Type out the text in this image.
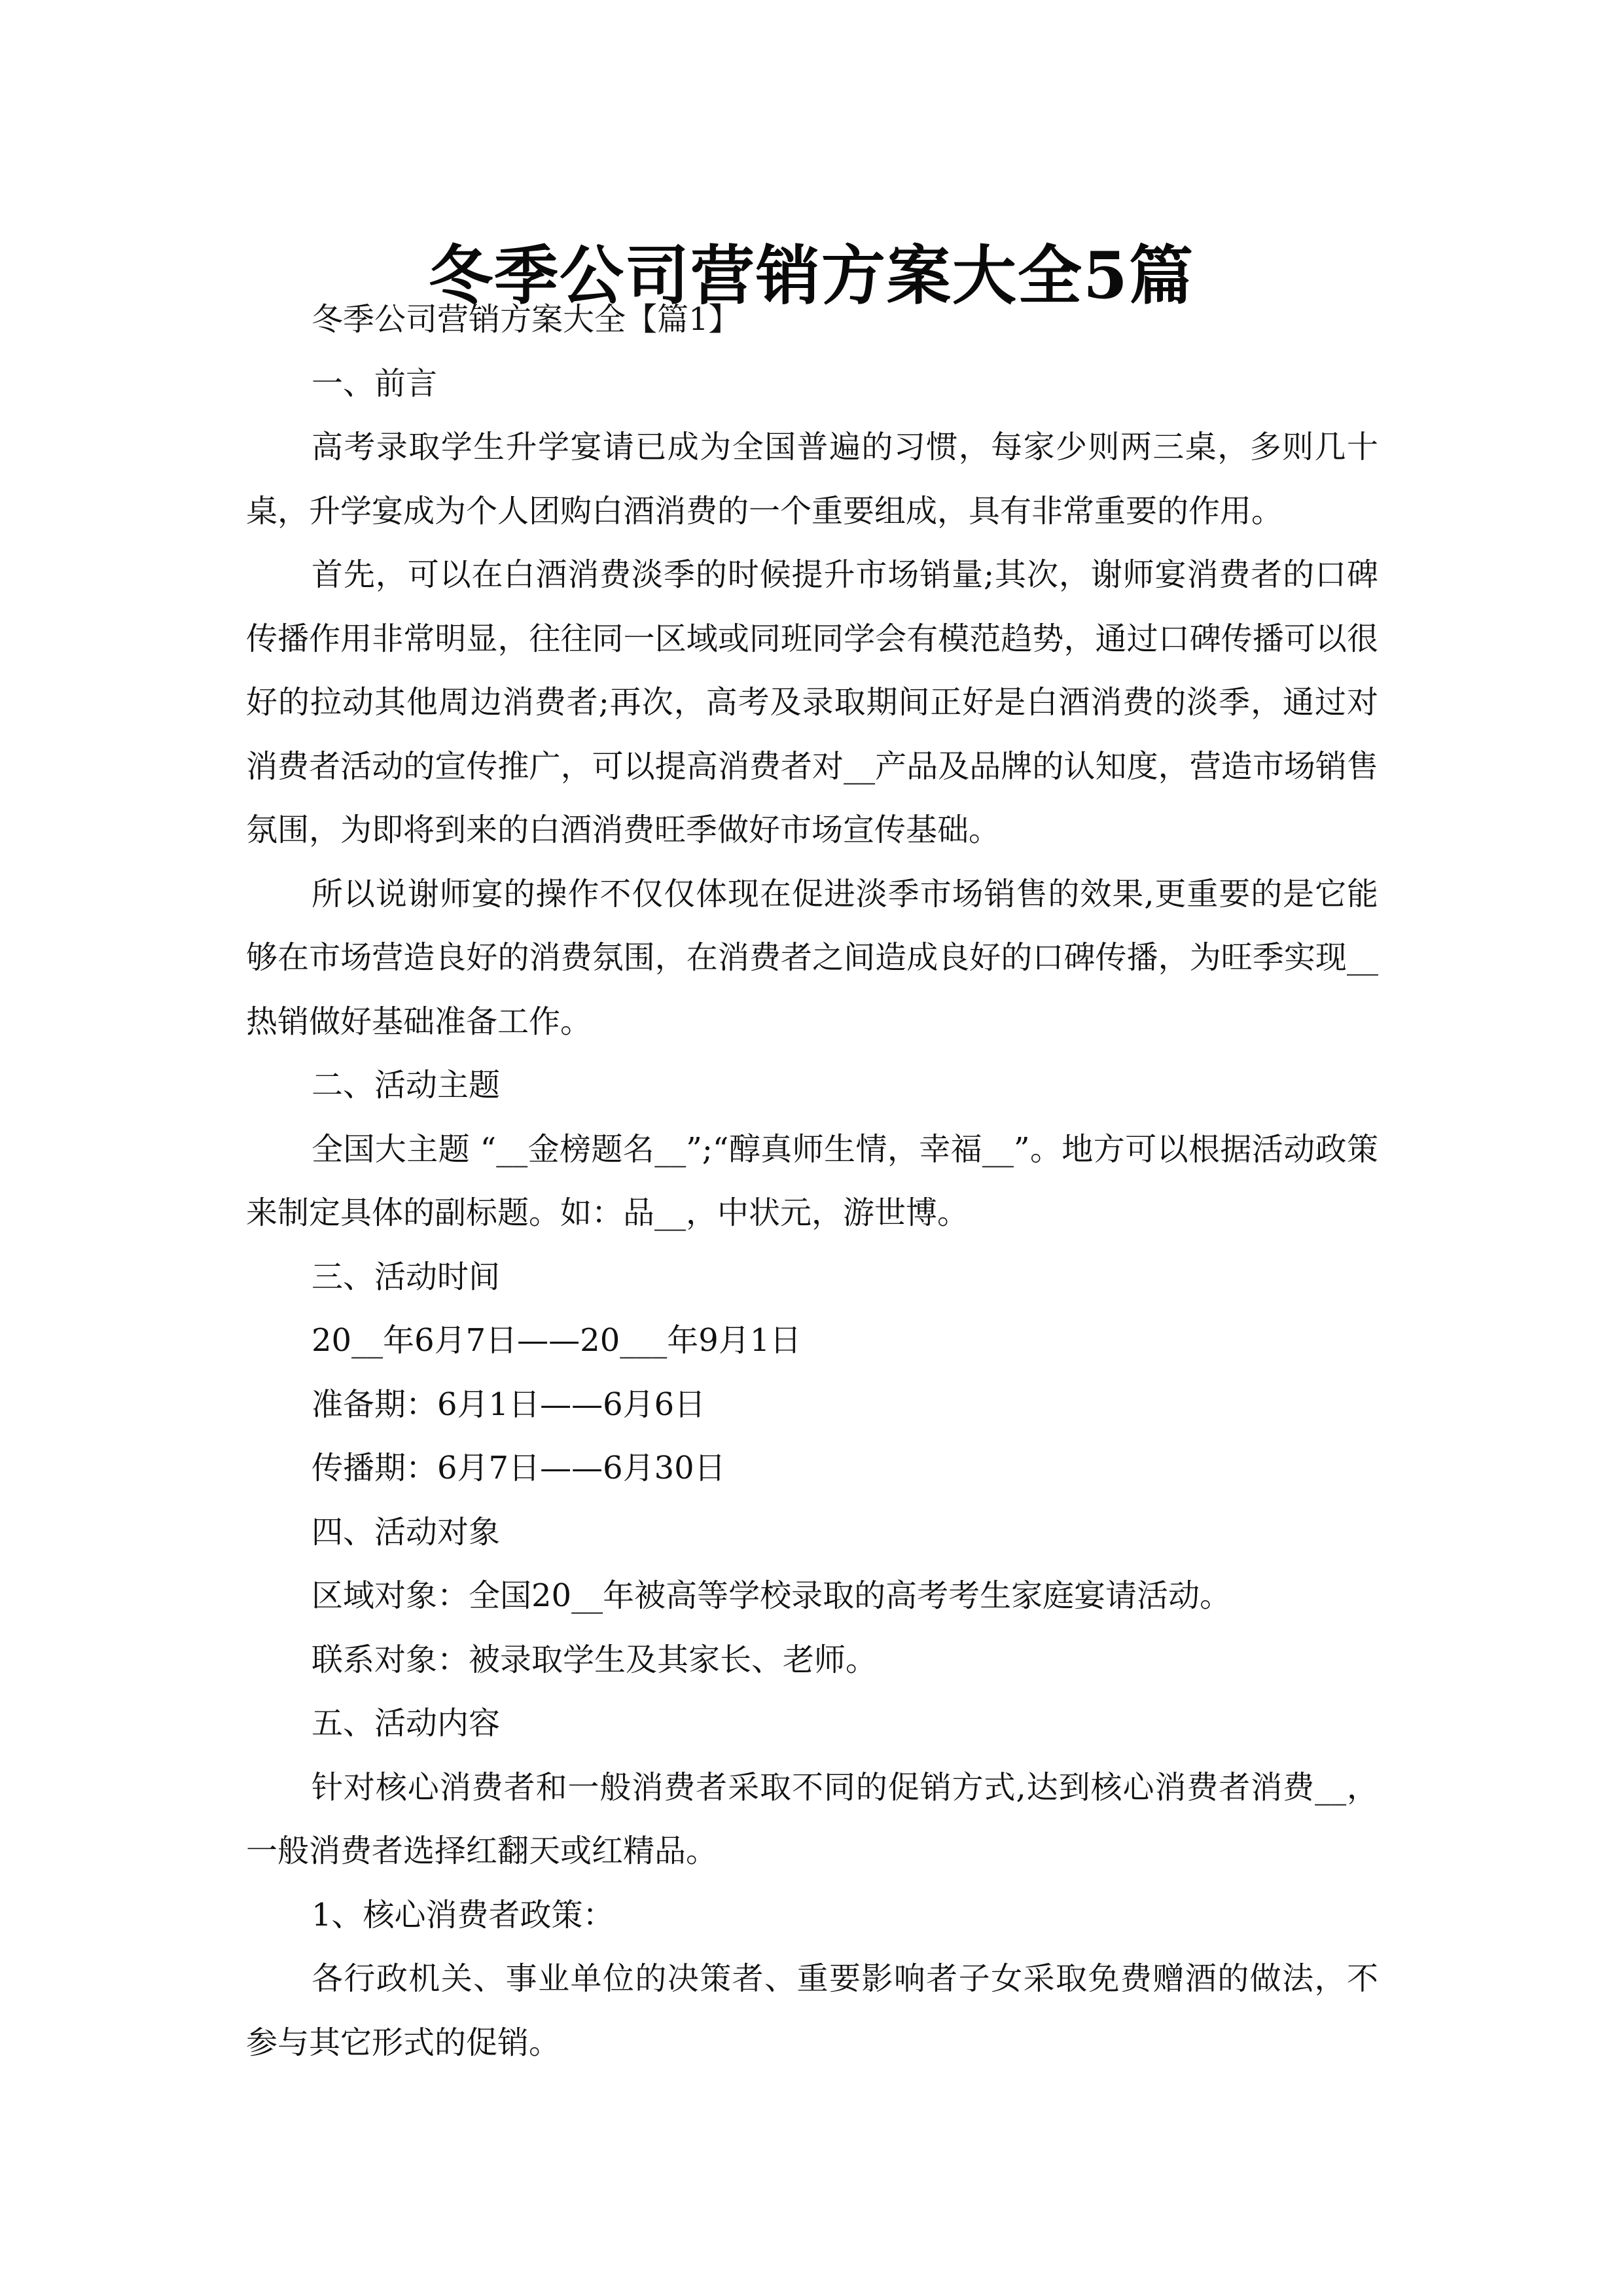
冬季公司营销方案大全5篇

冬季公司营销方案大全【篇1】

一、前言

高考录取学生升学宴请已成为全国普遍的习惯，每家少则两三桌，多则几十桌，升学宴成为个人团购白酒消费的一个重要组成，具有非常重要的作用。

首先，可以在白酒消费淡季的时候提升市场销量;其次，谢师宴消费者的口碑传播作用非常明显，往往同一区域或同班同学会有模范趋势，通过口碑传播可以很好的拉动其他周边消费者;再次，高考及录取期间正好是白酒消费的淡季，通过对消费者活动的宣传推广，可以提高消费者对__产品及品牌的认知度，营造市场销售氛围，为即将到来的白酒消费旺季做好市场宣传基础。

所以说谢师宴的操作不仅仅体现在促进淡季市场销售的效果,更重要的是它能够在市场营造良好的消费氛围，在消费者之间造成良好的口碑传播，为旺季实现__热销做好基础准备工作。

二、活动主题

全国大主题 “__金榜题名__”;“醇真师生情，幸福__”。地方可以根据活动政策来制定具体的副标题。如：品__，中状元，游世博。

三、活动时间

20__年6月7日——20___年9月1日

准备期：6月1日——6月6日

传播期：6月7日——6月30日

四、活动对象

区域对象：全国20__年被高等学校录取的高考考生家庭宴请活动。

联系对象：被录取学生及其家长、老师。

五、活动内容

针对核心消费者和一般消费者采取不同的促销方式,达到核心消费者消费__，一般消费者选择红翻天或红精品。

1、核心消费者政策：

各行政机关、事业单位的决策者、重要影响者子女采取免费赠酒的做法，不参与其它形式的促销。
